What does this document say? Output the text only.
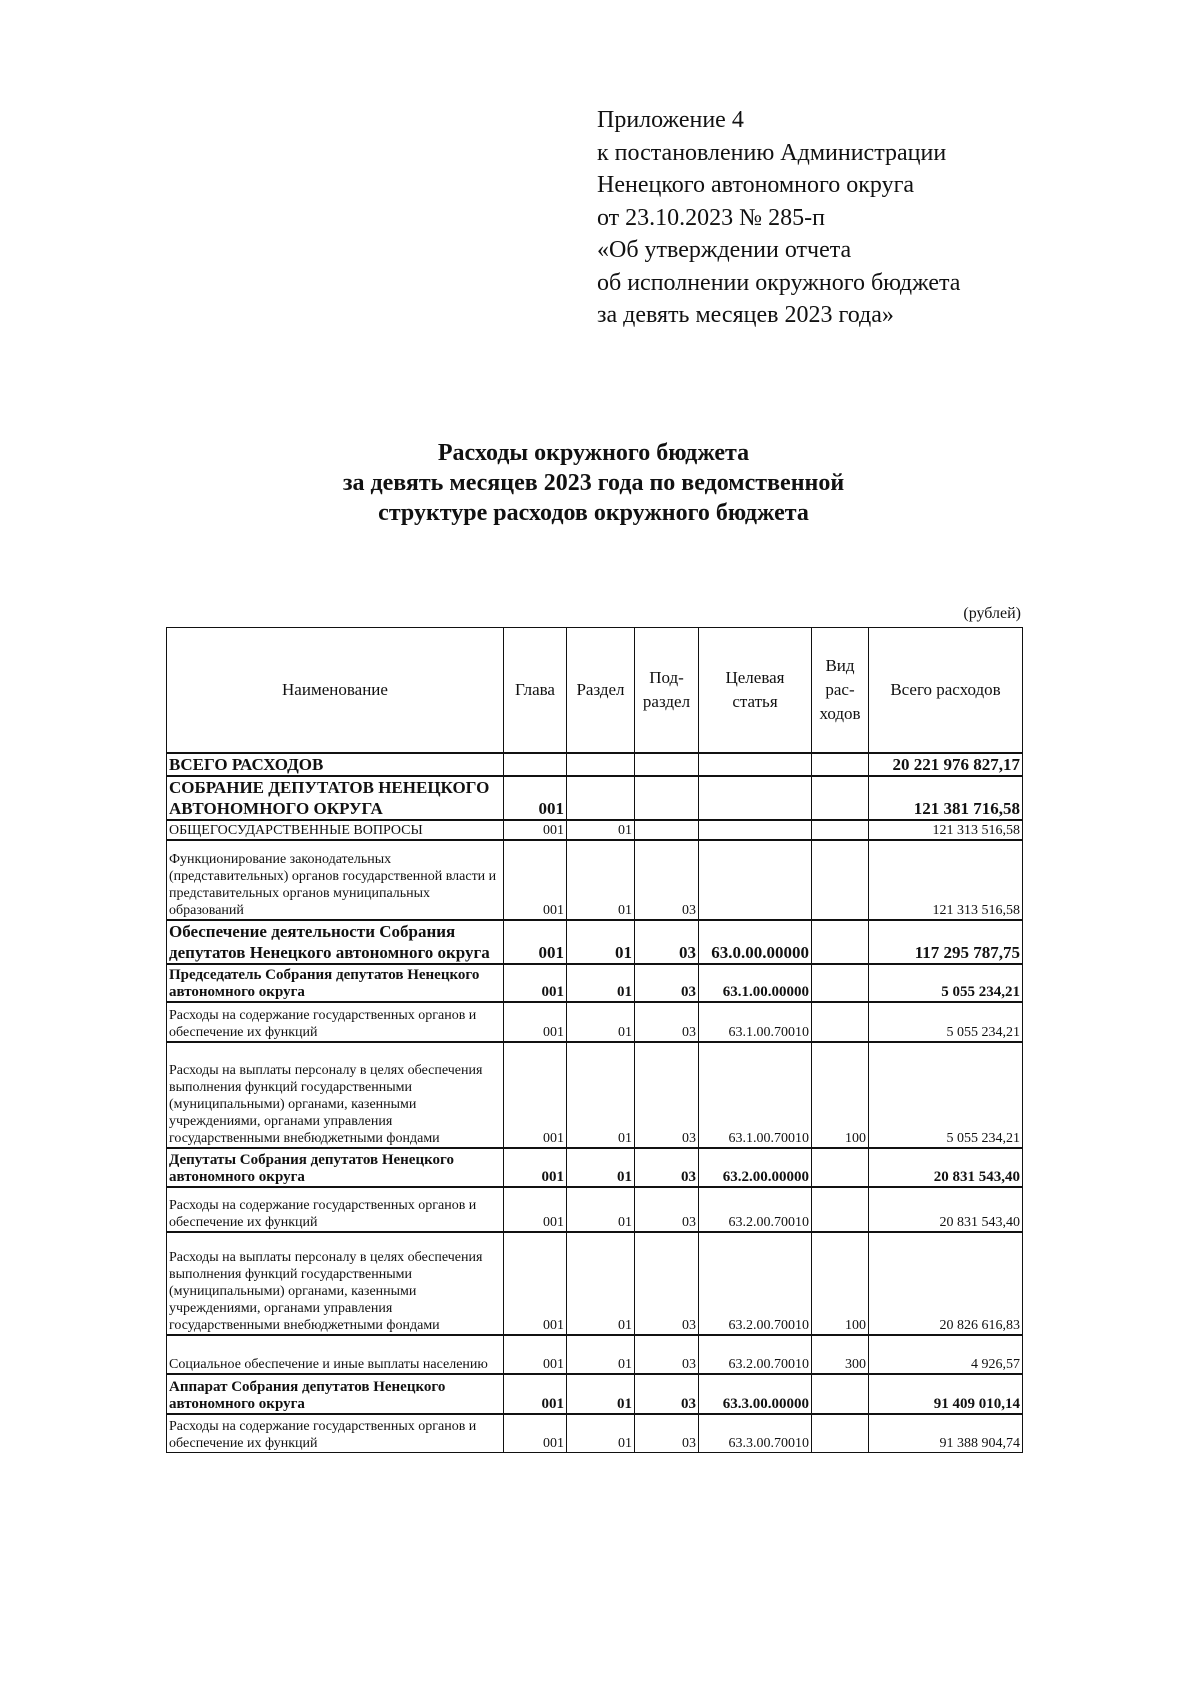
Приложение 4
к постановлению Администрации
Ненецкого автономного округа
от 23.10.2023 № 285-п
«Об утверждении отчета
об исполнении окружного бюджета
за девять месяцев 2023 года»
Расходы окружного бюджета
за девять месяцев 2023 года по ведомственной
структуре расходов окружного бюджета
(рублей)
Наименование	Глава	Раздел	Под-раздел	Целевая статья	Вид рас-ходов	Всего расходов
ВСЕГО РАСХОДОВ						20 221 976 827,17
СОБРАНИЕ ДЕПУТАТОВ НЕНЕЦКОГО АВТОНОМНОГО ОКРУГА	001					121 381 716,58
ОБЩЕГОСУДАРСТВЕННЫЕ ВОПРОСЫ	001	01				121 313 516,58
Функционирование законодательных (представительных) органов государственной власти и представительных органов муниципальных образований	001	01	03			121 313 516,58
Обеспечение деятельности Собрания депутатов Ненецкого автономного округа	001	01	03	63.0.00.00000		117 295 787,75
Председатель Собрания депутатов Ненецкого автономного округа	001	01	03	63.1.00.00000		5 055 234,21
Расходы на содержание государственных органов и обеспечение их функций	001	01	03	63.1.00.70010		5 055 234,21
Расходы на выплаты персоналу в целях обеспечения выполнения функций государственными (муниципальными) органами, казенными учреждениями, органами управления государственными внебюджетными фондами	001	01	03	63.1.00.70010	100	5 055 234,21
Депутаты Собрания депутатов Ненецкого автономного округа	001	01	03	63.2.00.00000		20 831 543,40
Расходы на содержание государственных органов и обеспечение их функций	001	01	03	63.2.00.70010		20 831 543,40
Расходы на выплаты персоналу в целях обеспечения выполнения функций государственными (муниципальными) органами, казенными учреждениями, органами управления государственными внебюджетными фондами	001	01	03	63.2.00.70010	100	20 826 616,83
Социальное обеспечение и иные выплаты населению	001	01	03	63.2.00.70010	300	4 926,57
Аппарат Собрания депутатов Ненецкого автономного округа	001	01	03	63.3.00.00000		91 409 010,14
Расходы на содержание государственных органов и обеспечение их функций	001	01	03	63.3.00.70010		91 388 904,74
